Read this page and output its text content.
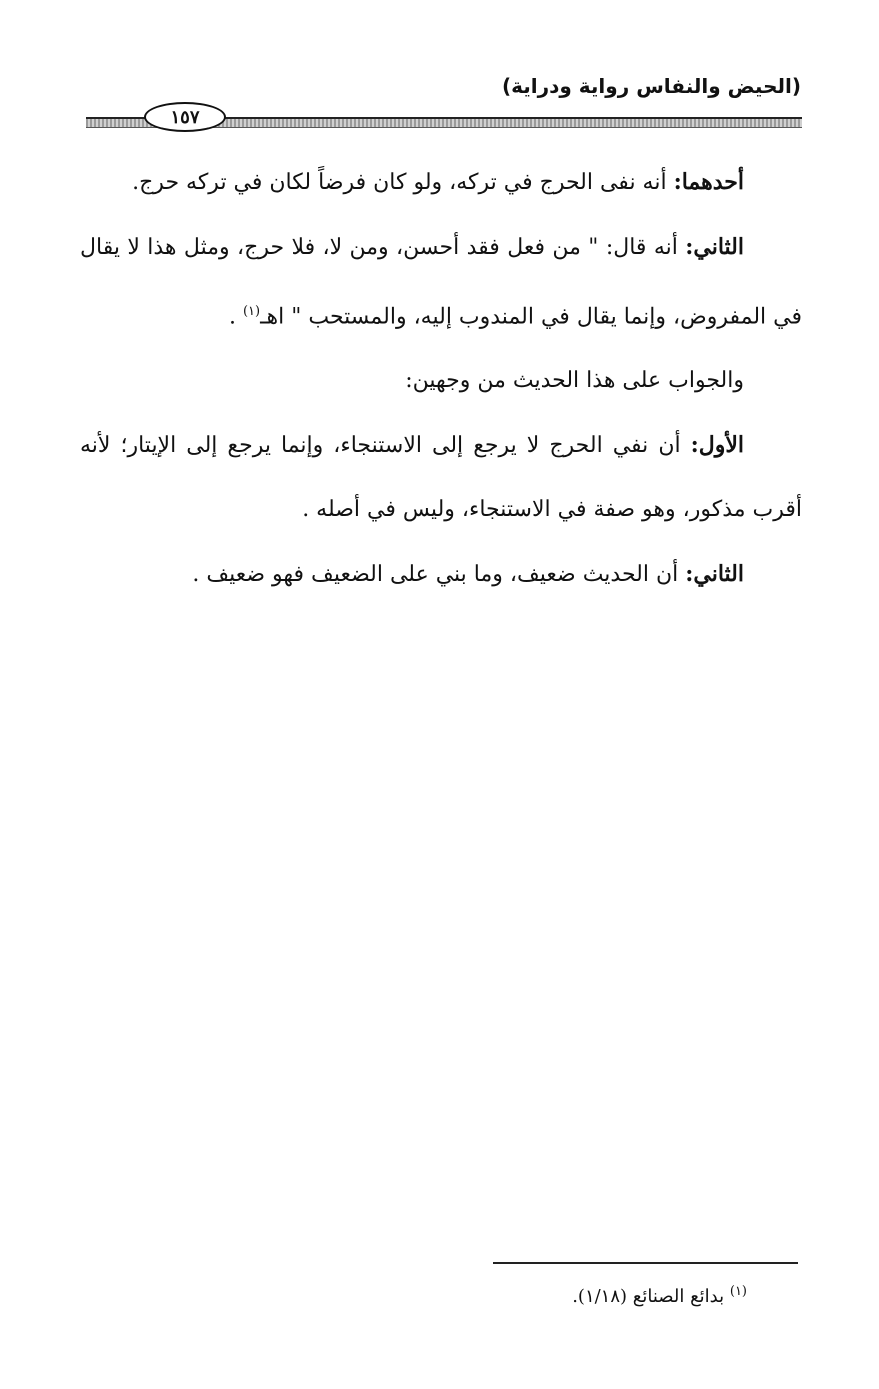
(الحيض والنفاس رواية ودراية)
١٥٧

أحدهما: أنه نفى الحرج في تركه، ولو كان فرضاً لكان في تركه حرج.

الثاني: أنه قال: " من فعل فقد أحسن، ومن لا، فلا حرج، ومثل هذا لا يقال في المفروض، وإنما يقال في المندوب إليه، والمستحب " اهـ$^{(١)}$ .

والجواب على هذا الحديث من وجهين:

الأول: أن نفي الحرج لا يرجع إلى الاستنجاء، وإنما يرجع إلى الإيتار؛ لأنه أقرب مذكور، وهو صفة في الاستنجاء، وليس في أصله .

الثاني: أن الحديث ضعيف، وما بني على الضعيف فهو ضعيف .

$^{(١)}$ بدائع الصنائع (١/١٨).
